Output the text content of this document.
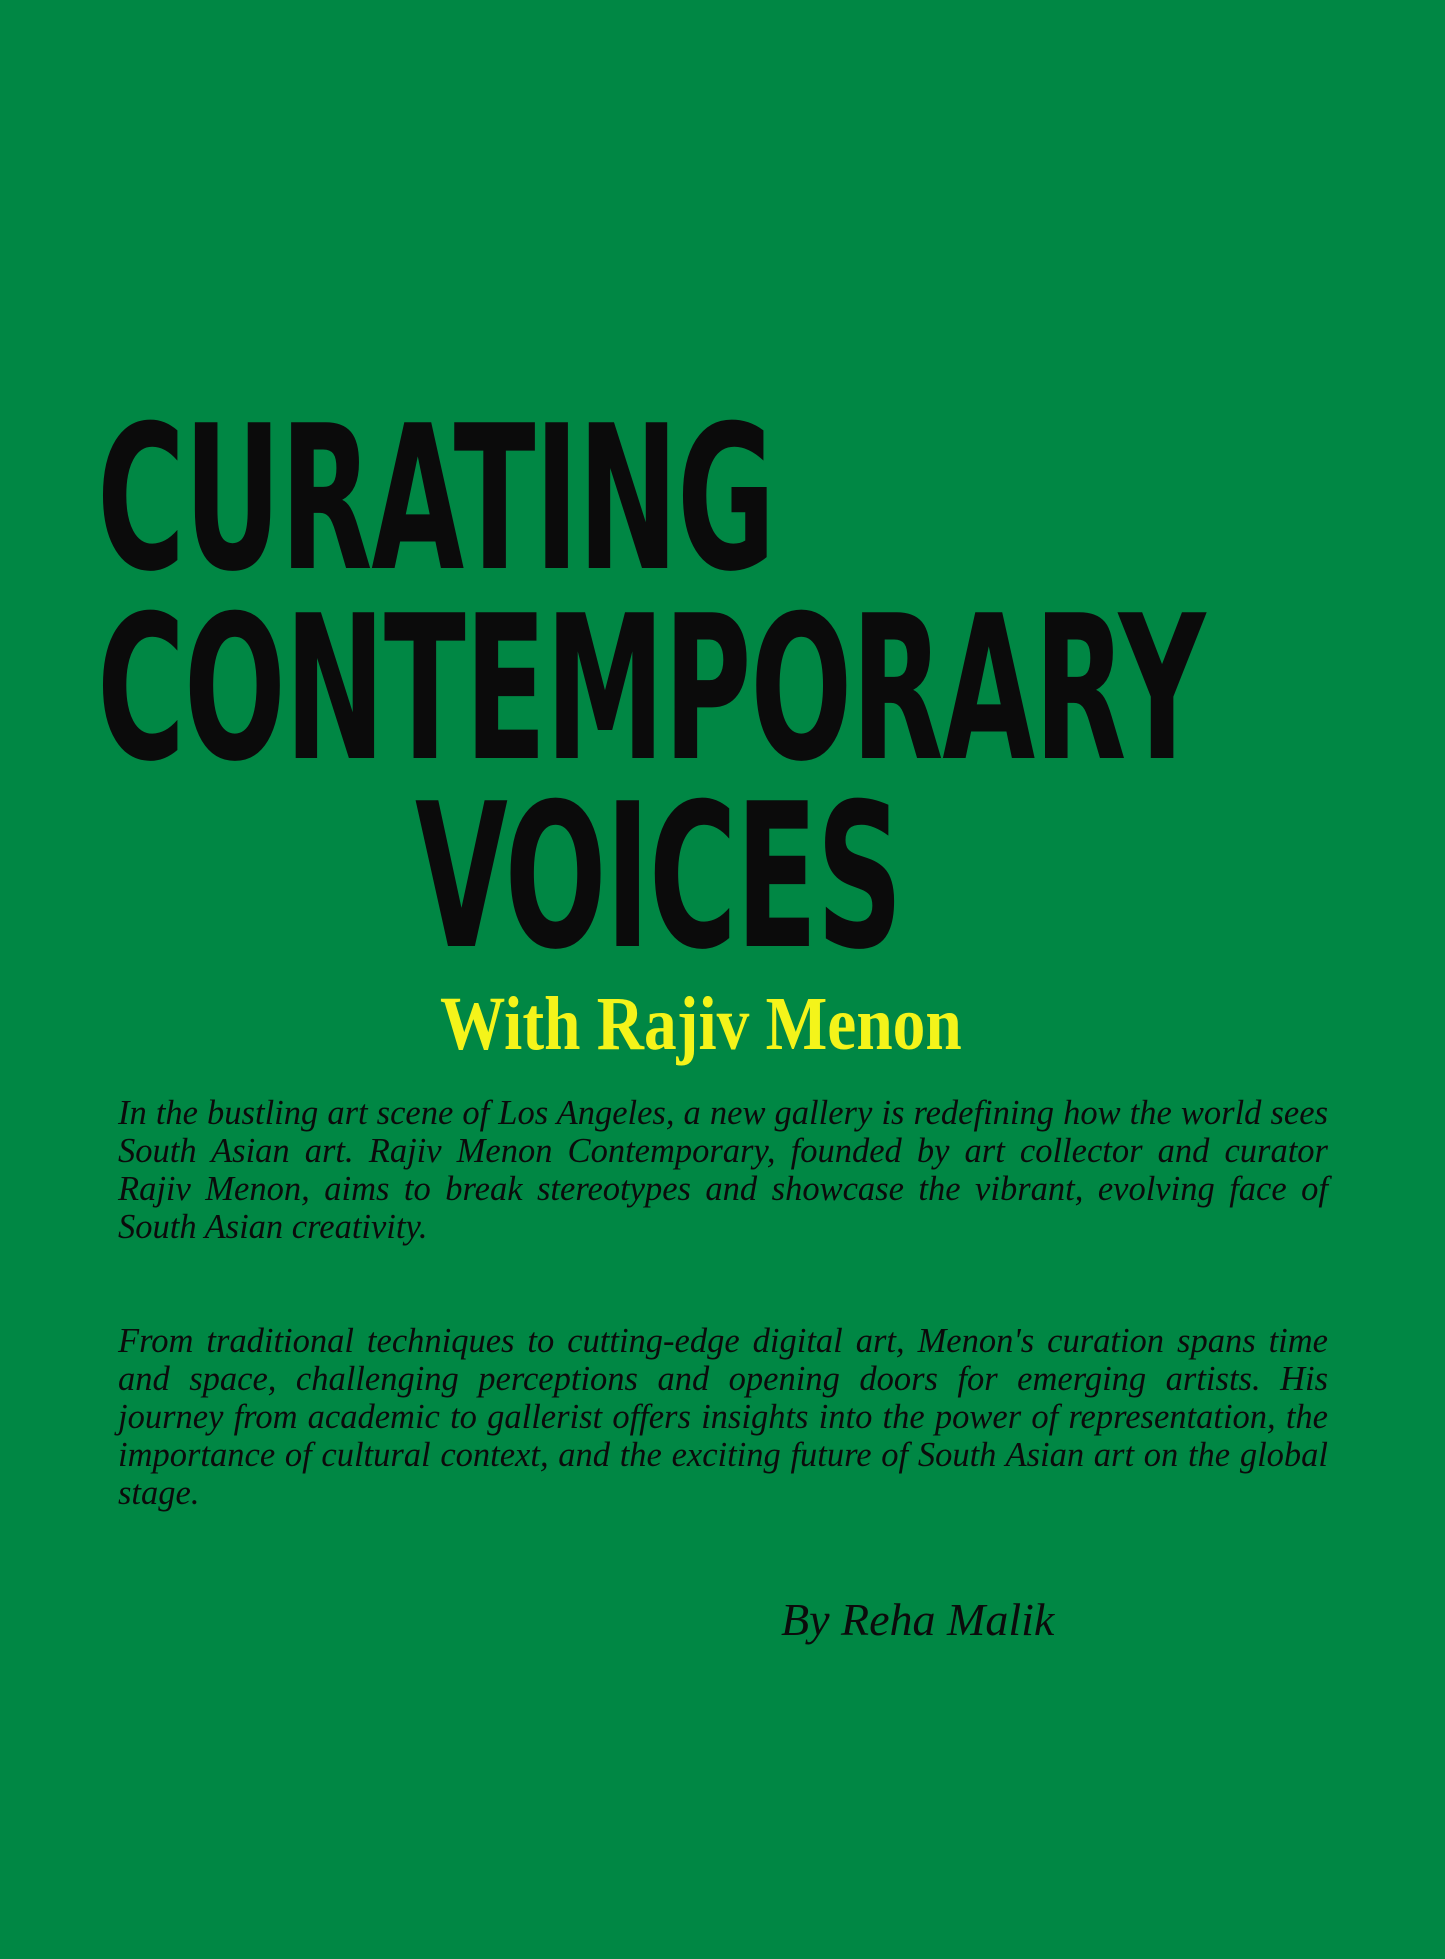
CURATING
CONTEMPORARY
VOICES
With Rajiv Menon

In the bustling art scene of Los Angeles, a new gallery is redefining how the world sees South Asian art. Rajiv Menon Contemporary, founded by art collector and curator Rajiv Menon, aims to break stereotypes and showcase the vibrant, evolving face of South Asian creativity.

From traditional techniques to cutting-edge digital art, Menon's curation spans time and space, challenging perceptions and opening doors for emerging artists. His journey from academic to gallerist offers insights into the power of representation, the importance of cultural context, and the exciting future of South Asian art on the global stage.

By Reha Malik
